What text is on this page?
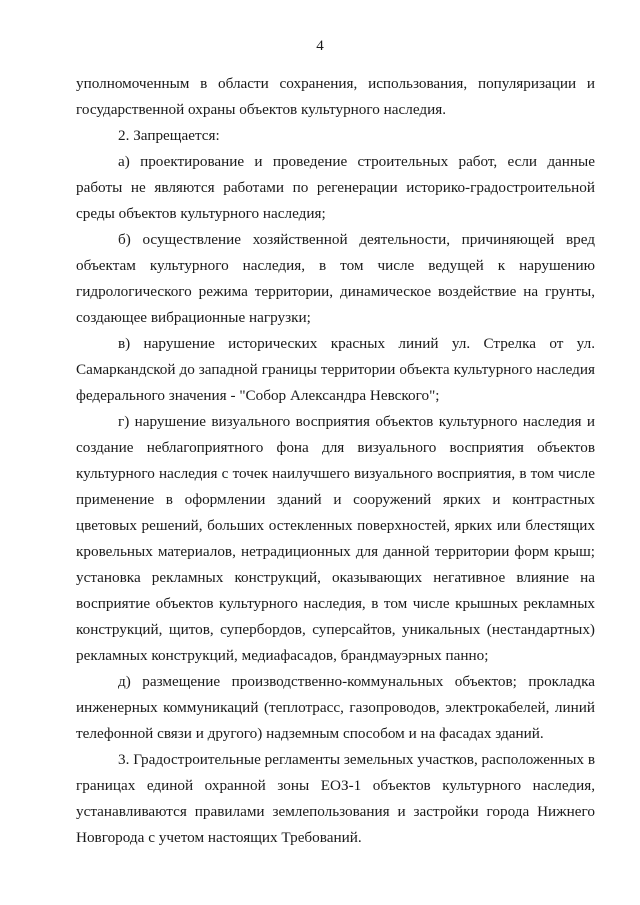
4

уполномоченным в области сохранения, использования, популяризации и государственной охраны объектов культурного наследия.

2. Запрещается:

а) проектирование и проведение строительных работ, если данные работы не являются работами по регенерации историко-градостроительной среды объектов культурного наследия;

б) осуществление хозяйственной деятельности, причиняющей вред объектам культурного наследия, в том числе ведущей к нарушению гидрологического режима территории, динамическое воздействие на грунты, создающее вибрационные нагрузки;

в) нарушение исторических красных линий ул. Стрелка от ул. Самаркандской до западной границы территории объекта культурного наследия федерального значения - "Собор Александра Невского";

г) нарушение визуального восприятия объектов культурного наследия и создание неблагоприятного фона для визуального восприятия объектов культурного наследия с точек наилучшего визуального восприятия, в том числе применение в оформлении зданий и сооружений ярких и контрастных цветовых решений, больших остекленных поверхностей, ярких или блестящих кровельных материалов, нетрадиционных для данной территории форм крыш; установка рекламных конструкций, оказывающих негативное влияние на восприятие объектов культурного наследия, в том числе крышных рекламных конструкций, щитов, супербордов, суперсайтов, уникальных (нестандартных) рекламных конструкций, медиафасадов, брандмауэрных панно;

д) размещение производственно-коммунальных объектов; прокладка инженерных коммуникаций (теплотрасс, газопроводов, электрокабелей, линий телефонной связи и другого) надземным способом и на фасадах зданий.

3. Градостроительные регламенты земельных участков, расположенных в границах единой охранной зоны ЕОЗ-1 объектов культурного наследия, устанавливаются правилами землепользования и застройки города Нижнего Новгорода с учетом настоящих Требований.
